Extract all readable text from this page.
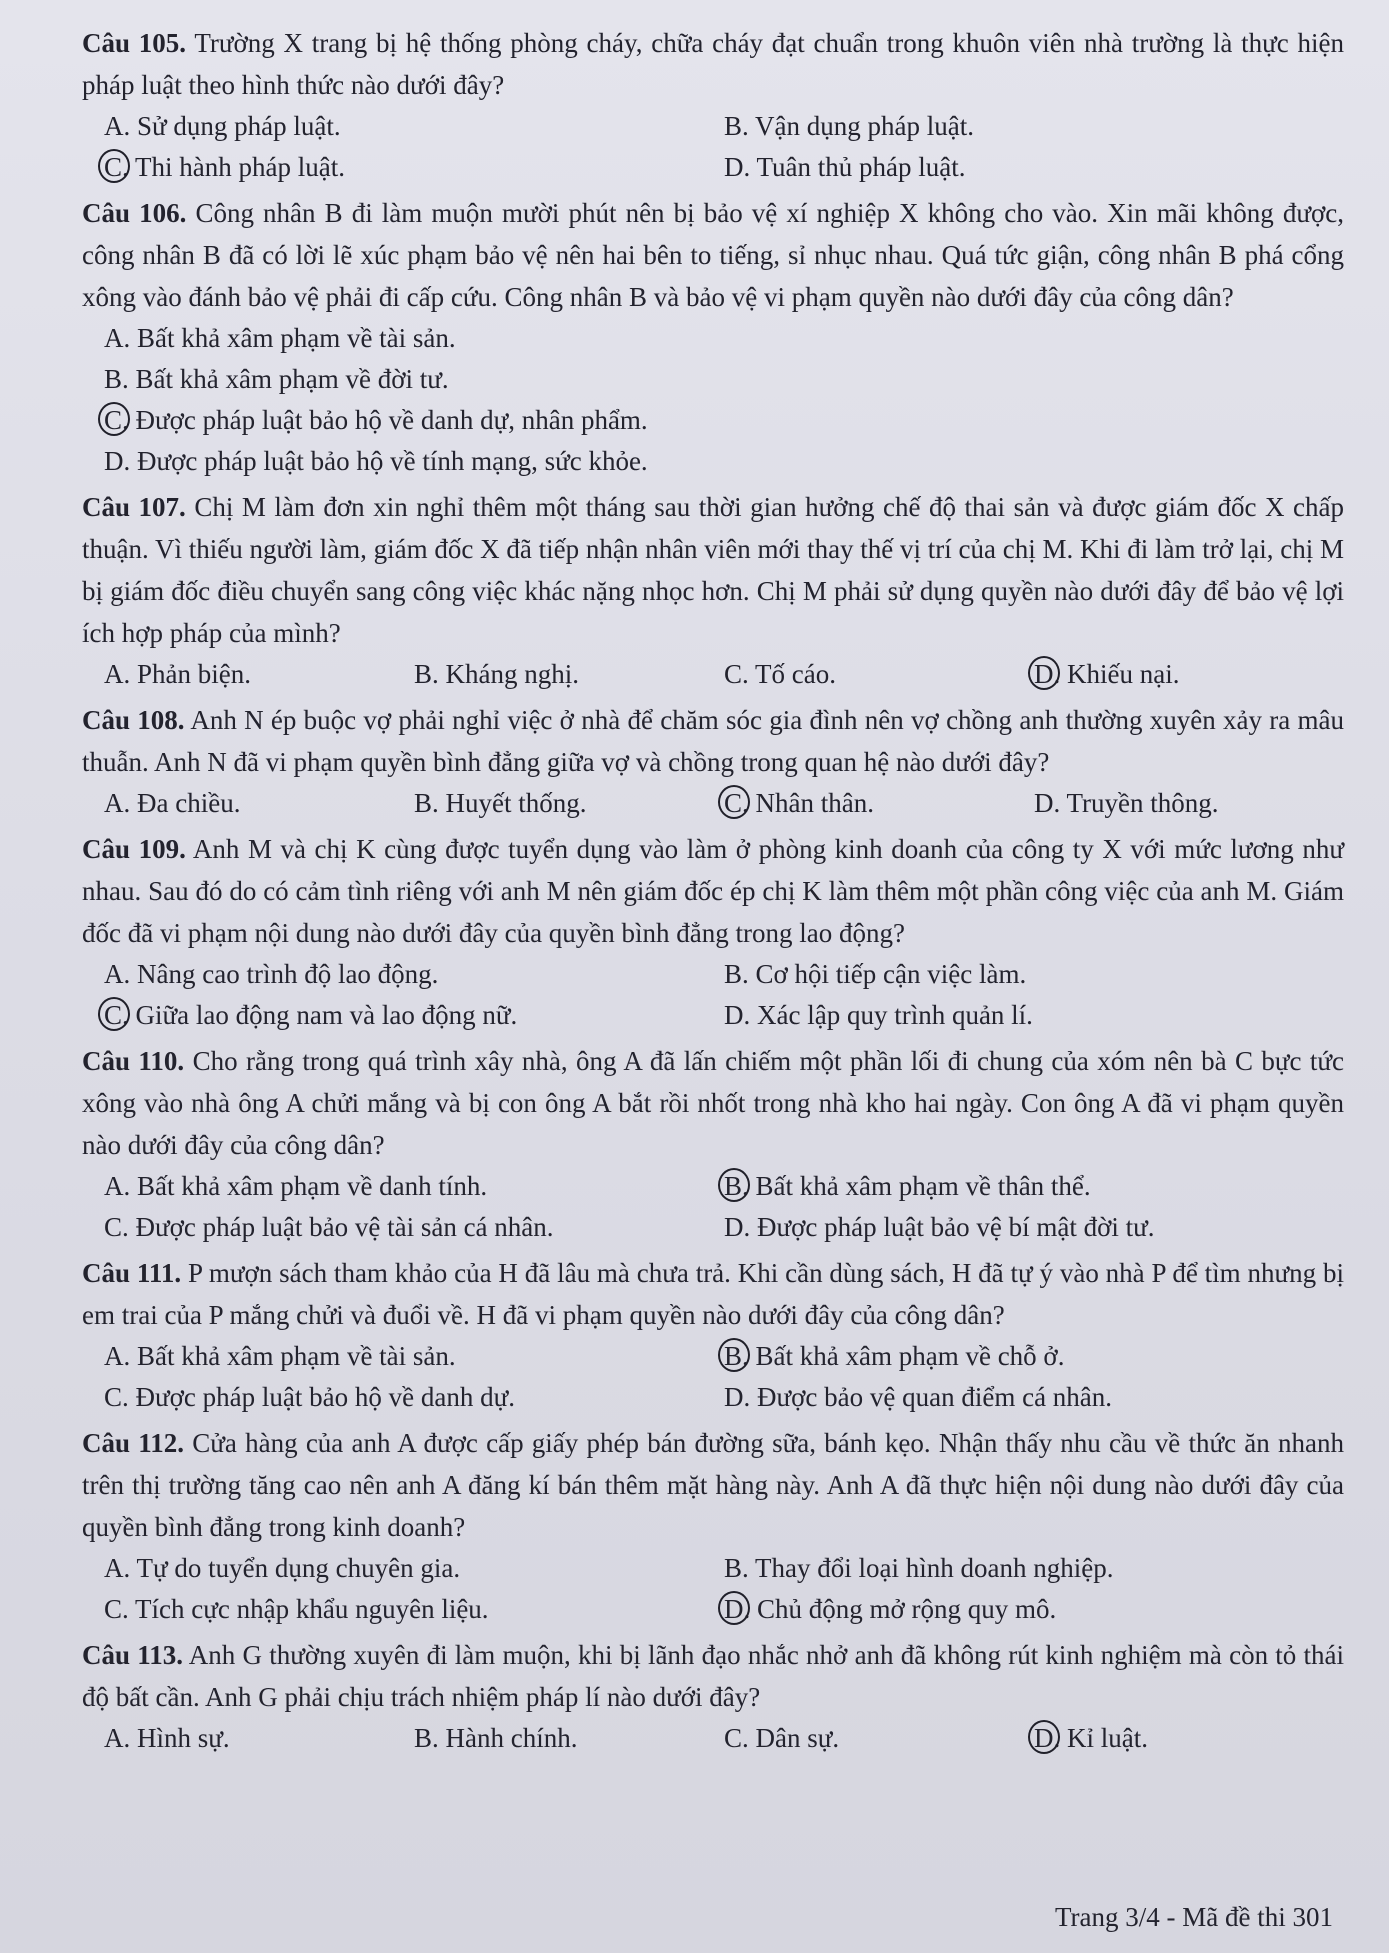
Câu 105. Trường X trang bị hệ thống phòng cháy, chữa cháy đạt chuẩn trong khuôn viên nhà trường là thực hiện pháp luật theo hình thức nào dưới đây?

A. Sử dụng pháp luật.	B. Vận dụng pháp luật.
C. Thi hành pháp luật.	D. Tuân thủ pháp luật.

Câu 106. Công nhân B đi làm muộn mười phút nên bị bảo vệ xí nghiệp X không cho vào. Xin mãi không được, công nhân B đã có lời lẽ xúc phạm bảo vệ nên hai bên to tiếng, sỉ nhục nhau. Quá tức giận, công nhân B phá cổng xông vào đánh bảo vệ phải đi cấp cứu. Công nhân B và bảo vệ vi phạm quyền nào dưới đây của công dân?

A. Bất khả xâm phạm về tài sản.
B. Bất khả xâm phạm về đời tư.
C. Được pháp luật bảo hộ về danh dự, nhân phẩm.
D. Được pháp luật bảo hộ về tính mạng, sức khỏe.

Câu 107. Chị M làm đơn xin nghỉ thêm một tháng sau thời gian hưởng chế độ thai sản và được giám đốc X chấp thuận. Vì thiếu người làm, giám đốc X đã tiếp nhận nhân viên mới thay thế vị trí của chị M. Khi đi làm trở lại, chị M bị giám đốc điều chuyển sang công việc khác nặng nhọc hơn. Chị M phải sử dụng quyền nào dưới đây để bảo vệ lợi ích hợp pháp của mình?

A. Phản biện.	B. Kháng nghị.	C. Tố cáo.	D. Khiếu nại.

Câu 108. Anh N ép buộc vợ phải nghỉ việc ở nhà để chăm sóc gia đình nên vợ chồng anh thường xuyên xảy ra mâu thuẫn. Anh N đã vi phạm quyền bình đẳng giữa vợ và chồng trong quan hệ nào dưới đây?

A. Đa chiều.	B. Huyết thống.	C. Nhân thân.	D. Truyền thông.

Câu 109. Anh M và chị K cùng được tuyển dụng vào làm ở phòng kinh doanh của công ty X với mức lương như nhau. Sau đó do có cảm tình riêng với anh M nên giám đốc ép chị K làm thêm một phần công việc của anh M. Giám đốc đã vi phạm nội dung nào dưới đây của quyền bình đẳng trong lao động?

A. Nâng cao trình độ lao động.	B. Cơ hội tiếp cận việc làm.
C. Giữa lao động nam và lao động nữ.	D. Xác lập quy trình quản lí.

Câu 110. Cho rằng trong quá trình xây nhà, ông A đã lấn chiếm một phần lối đi chung của xóm nên bà C bực tức xông vào nhà ông A chửi mắng và bị con ông A bắt rồi nhốt trong nhà kho hai ngày. Con ông A đã vi phạm quyền nào dưới đây của công dân?

A. Bất khả xâm phạm về danh tính.	B. Bất khả xâm phạm về thân thể.
C. Được pháp luật bảo vệ tài sản cá nhân.	D. Được pháp luật bảo vệ bí mật đời tư.

Câu 111. P mượn sách tham khảo của H đã lâu mà chưa trả. Khi cần dùng sách, H đã tự ý vào nhà P để tìm nhưng bị em trai của P mắng chửi và đuổi về. H đã vi phạm quyền nào dưới đây của công dân?

A. Bất khả xâm phạm về tài sản.	B. Bất khả xâm phạm về chỗ ở.
C. Được pháp luật bảo hộ về danh dự.	D. Được bảo vệ quan điểm cá nhân.

Câu 112. Cửa hàng của anh A được cấp giấy phép bán đường sữa, bánh kẹo. Nhận thấy nhu cầu về thức ăn nhanh trên thị trường tăng cao nên anh A đăng kí bán thêm mặt hàng này. Anh A đã thực hiện nội dung nào dưới đây của quyền bình đẳng trong kinh doanh?

A. Tự do tuyển dụng chuyên gia.	B. Thay đổi loại hình doanh nghiệp.
C. Tích cực nhập khẩu nguyên liệu.	D. Chủ động mở rộng quy mô.

Câu 113. Anh G thường xuyên đi làm muộn, khi bị lãnh đạo nhắc nhở anh đã không rút kinh nghiệm mà còn tỏ thái độ bất cần. Anh G phải chịu trách nhiệm pháp lí nào dưới đây?

A. Hình sự.	B. Hành chính.	C. Dân sự.	D. Kỉ luật.
Trang 3/4 - Mã đề thi 301
